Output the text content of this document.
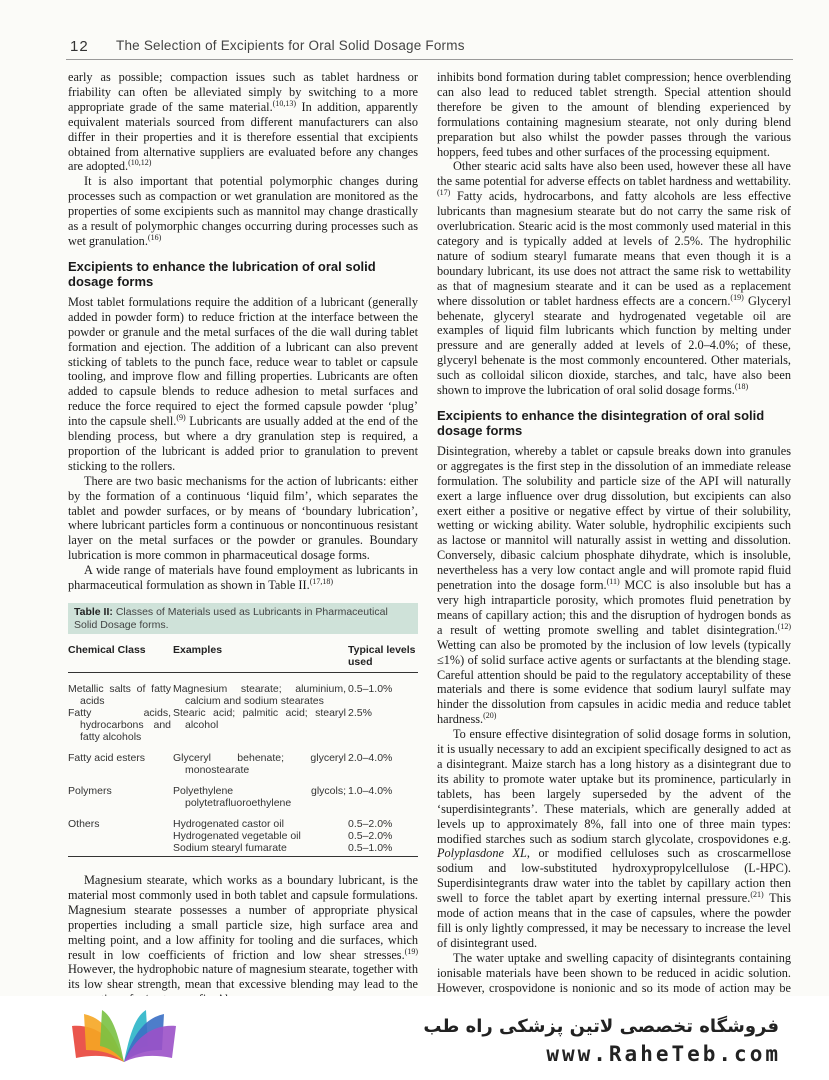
12 The Selection of Excipients for Oral Solid Dosage Forms

early as possible; compaction issues such as tablet hardness or friability can often be alleviated simply by switching to a more appropriate grade of the same material.$^{(10,13)}$ In addition, apparently equivalent materials sourced from different manufacturers can also differ in their properties and it is therefore essential that excipients obtained from alternative suppliers are evaluated before any changes are adopted.$^{(10,12)}$

It is also important that potential polymorphic changes during processes such as compaction or wet granulation are monitored as the properties of some excipients such as mannitol may change drastically as a result of polymorphic changes occurring during processes such as wet granulation.$^{(16)}$

Excipients to enhance the lubrication of oral solid dosage forms

Most tablet formulations require the addition of a lubricant (generally added in powder form) to reduce friction at the interface between the powder or granule and the metal surfaces of the die wall during tablet formation and ejection. The addition of a lubricant can also prevent sticking of tablets to the punch face, reduce wear to tablet or capsule tooling, and improve flow and filling properties. Lubricants are often added to capsule blends to reduce adhesion to metal surfaces and reduce the force required to eject the formed capsule powder ‘plug’ into the capsule shell.$^{(9)}$ Lubricants are usually added at the end of the blending process, but where a dry granulation step is required, a proportion of the lubricant is added prior to granulation to prevent sticking to the rollers.

There are two basic mechanisms for the action of lubricants: either by the formation of a continuous ‘liquid film’, which separates the tablet and powder surfaces, or by means of ‘boundary lubrication’, where lubricant particles form a continuous or noncontinuous resistant layer on the metal surfaces or the powder or granules. Boundary lubrication is more common in pharmaceutical dosage forms.

A wide range of materials have found employment as lubricants in pharmaceutical formulation as shown in Table II.$^{(17,18)}$

Table II: Classes of Materials used as Lubricants in Pharmaceutical Solid Dosage forms.
Chemical Class	Examples	Typical levels used

Metallic salts of fatty acids	Magnesium stearate; aluminium, calcium and sodium stearates	0.5–1.0%

Fatty acids, hydrocarbons and fatty alcohols	Stearic acid; palmitic acid; stearyl alcohol	2.5%

Fatty acid esters	Glyceryl behenate; glyceryl monostearate	2.0–4.0%

Polymers	Polyethylene glycols; polytetrafluoroethylene	1.0–4.0%

Others	Hydrogenated castor oil	0.5–2.0%

	Hydrogenated vegetable oil	0.5–2.0%

	Sodium stearyl fumarate	0.5–1.0%

Magnesium stearate, which works as a boundary lubricant, is the material most commonly used in both tablet and capsule formulations. Magnesium stearate possesses a number of appropriate physical properties including a small particle size, high surface area and melting point, and a low affinity for tooling and die surfaces, which result in low coefficients of friction and low shear stresses.$^{(19)}$ However, the hydrophobic nature of magnesium stearate, together with its low shear strength, mean that excessive blending may lead to the

inhibits bond formation during tablet compression; hence overblending can also lead to reduced tablet strength. Special attention should therefore be given to the amount of blending experienced by formulations containing magnesium stearate, not only during blend preparation but also whilst the powder passes through the various hoppers, feed tubes and other surfaces of the processing equipment.

Other stearic acid salts have also been used, however these all have the same potential for adverse effects on tablet hardness and wettability.$^{(17)}$ Fatty acids, hydrocarbons, and fatty alcohols are less effective lubricants than magnesium stearate but do not carry the same risk of overlubrication. Stearic acid is the most commonly used material in this category and is typically added at levels of 2.5%. The hydrophilic nature of sodium stearyl fumarate means that even though it is a boundary lubricant, its use does not attract the same risk to wettability as that of magnesium stearate and it can be used as a replacement where dissolution or tablet hardness effects are a concern.$^{(19)}$ Glyceryl behenate, glyceryl stearate and hydrogenated vegetable oil are examples of liquid film lubricants which function by melting under pressure and are generally added at levels of 2.0–4.0%; of these, glyceryl behenate is the most commonly encountered. Other materials, such as colloidal silicon dioxide, starches, and talc, have also been shown to improve the lubrication of oral solid dosage forms.$^{(18)}$

Excipients to enhance the disintegration of oral solid dosage forms

Disintegration, whereby a tablet or capsule breaks down into granules or aggregates is the first step in the dissolution of an immediate release formulation. The solubility and particle size of the API will naturally exert a large influence over drug dissolution, but excipients can also exert either a positive or negative effect by virtue of their solubility, wetting or wicking ability. Water soluble, hydrophilic excipients such as lactose or mannitol will naturally assist in wetting and dissolution. Conversely, dibasic calcium phosphate dihydrate, which is insoluble, nevertheless has a very low contact angle and will promote rapid fluid penetration into the dosage form.$^{(11)}$ MCC is also insoluble but has a very high intraparticle porosity, which promotes fluid penetration by means of capillary action; this and the disruption of hydrogen bonds as a result of wetting promote swelling and tablet disintegration.$^{(12)}$ Wetting can also be promoted by the inclusion of low levels (typically ≤1%) of solid surface active agents or surfactants at the blending stage. Careful attention should be paid to the regulatory acceptability of these materials and there is some evidence that sodium lauryl sulfate may hinder the dissolution from capsules in acidic media and reduce tablet hardness.$^{(20)}$

To ensure effective disintegration of solid dosage forms in solution, it is usually necessary to add an excipient specifically designed to act as a disintegrant. Maize starch has a long history as a disintegrant due to its ability to promote water uptake but its prominence, particularly in tablets, has been largely superseded by the advent of the ‘superdisintegrants’. These materials, which are generally added at levels up to approximately 8%, fall into one of three main types: modified starches such as sodium starch glycolate, crospovidones e.g. Polyplasdone XL, or modified celluloses such as croscarmellose sodium and low-substituted hydroxypropylcellulose (L-HPC). Superdisintegrants draw water into the tablet by capillary action then swell to force the tablet apart by exerting internal pressure.$^{(21)}$ This mode of action means that in the case of capsules, where the powder fill is only lightly compressed, it may be necessary to increase the level of disintegrant used.

The water uptake and swelling capacity of disintegrants containing ionisable materials have been shown to be reduced in acidic solution. However, crospovidone is nonionic and so its mode of action may be

فروشگاه تخصصی لاتین پزشکی راه طب
www.RaheTeb.com
